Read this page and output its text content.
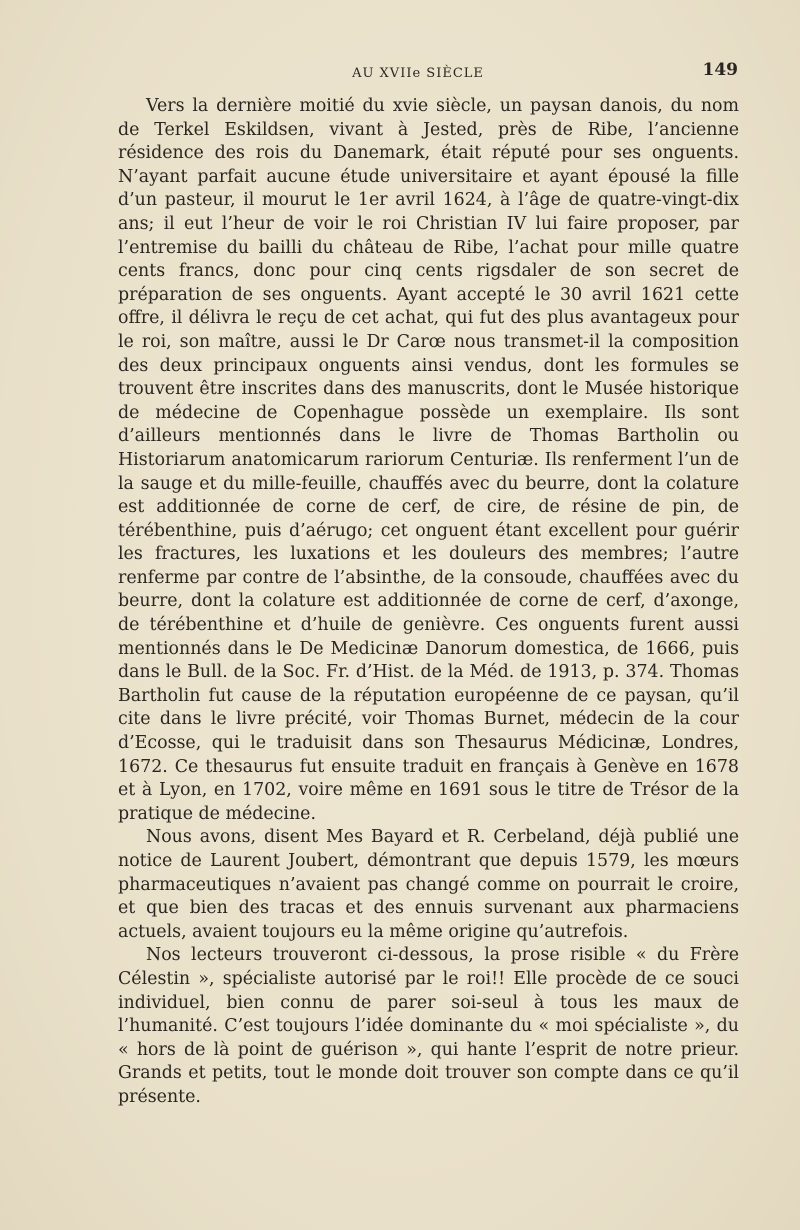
AU XVIIe SIÈCLE	149

Vers la dernière moitié du xvie siècle, un paysan danois, du nom de Terkel Eskildsen, vivant à Jested, près de Ribe, l’ancienne résidence des rois du Danemark, était réputé pour ses onguents. N’ayant parfait aucune étude universitaire et ayant épousé la fille d’un pasteur, il mourut le 1er avril 1624, à l’âge de quatre-vingt-dix ans; il eut l’heur de voir le roi Christian IV lui faire proposer, par l’entremise du bailli du château de Ribe, l’achat pour mille quatre cents francs, donc pour cinq cents rigsdaler de son secret de préparation de ses onguents. Ayant accepté le 30 avril 1621 cette offre, il délivra le reçu de cet achat, qui fut des plus avantageux pour le roi, son maître, aussi le Dr Carœ nous transmet-il la composition des deux principaux onguents ainsi vendus, dont les formules se trouvent être inscrites dans des manuscrits, dont le Musée historique de médecine de Copenhague possède un exemplaire. Ils sont d’ailleurs mentionnés dans le livre de Thomas Bartholin ou Historiarum anatomicarum rariorum Centuriæ. Ils renferment l’un de la sauge et du mille-feuille, chauffés avec du beurre, dont la colature est additionnée de corne de cerf, de cire, de résine de pin, de térébenthine, puis d’aérugo; cet onguent étant excellent pour guérir les fractures, les luxations et les douleurs des membres; l’autre renferme par contre de l’absinthe, de la consoude, chauffées avec du beurre, dont la colature est additionnée de corne de cerf, d’axonge, de térébenthine et d’huile de genièvre. Ces onguents furent aussi mentionnés dans le De Medicinæ Danorum domestica, de 1666, puis dans le Bull. de la Soc. Fr. d’Hist. de la Méd. de 1913, p. 374. Thomas Bartholin fut cause de la réputation européenne de ce paysan, qu’il cite dans le livre précité, voir Thomas Burnet, médecin de la cour d’Ecosse, qui le traduisit dans son Thesaurus Médicinæ, Londres, 1672. Ce thesaurus fut ensuite traduit en français à Genève en 1678 et à Lyon, en 1702, voire même en 1691 sous le titre de Trésor de la pratique de médecine.

Nous avons, disent Mes Bayard et R. Cerbeland, déjà publié une notice de Laurent Joubert, démontrant que depuis 1579, les mœurs pharmaceutiques n’avaient pas changé comme on pourrait le croire, et que bien des tracas et des ennuis survenant aux pharmaciens actuels, avaient toujours eu la même origine qu’autrefois.

Nos lecteurs trouveront ci-dessous, la prose risible « du Frère Célestin », spécialiste autorisé par le roi!! Elle procède de ce souci individuel, bien connu de parer soi-seul à tous les maux de l’humanité. C’est toujours l’idée dominante du « moi spécialiste », du « hors de là point de guérison », qui hante l’esprit de notre prieur. Grands et petits, tout le monde doit trouver son compte dans ce qu’il présente.
